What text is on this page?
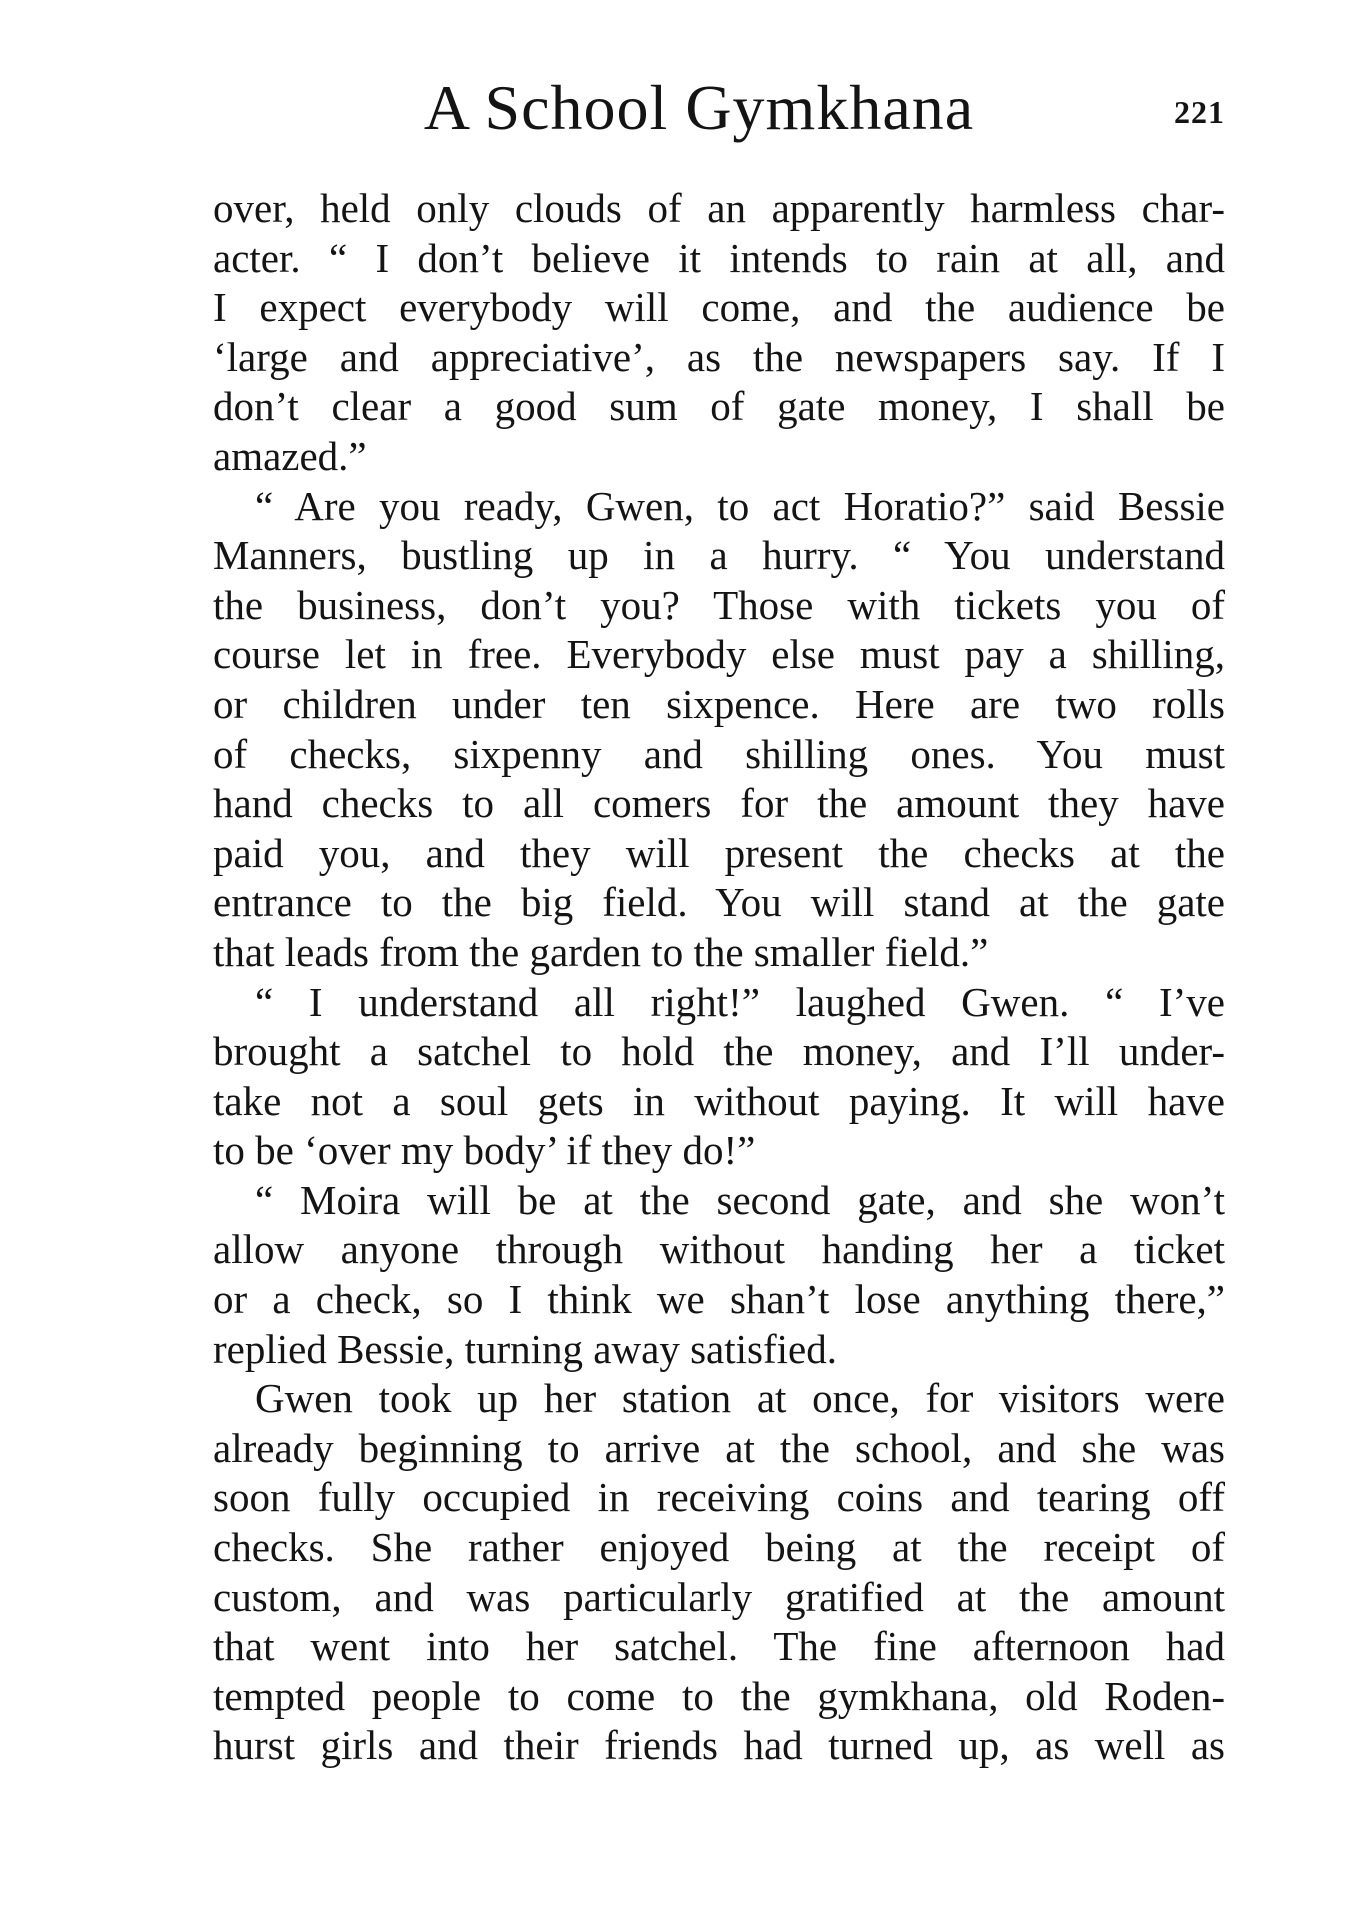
A School Gymkhana	221
over, held only clouds of an apparently harmless char-
acter. “ I don’t believe it intends to rain at all, and
I expect everybody will come, and the audience be
‘large and appreciative’, as the newspapers say. If I
don’t clear a good sum of gate money, I shall be
amazed.”
“ Are you ready, Gwen, to act Horatio?” said Bessie
Manners, bustling up in a hurry. “ You understand
the business, don’t you? Those with tickets you of
course let in free. Everybody else must pay a shilling,
or children under ten sixpence. Here are two rolls
of checks, sixpenny and shilling ones. You must
hand checks to all comers for the amount they have
paid you, and they will present the checks at the
entrance to the big field. You will stand at the gate
that leads from the garden to the smaller field.”
“ I understand all right!” laughed Gwen. “ I’ve
brought a satchel to hold the money, and I’ll under-
take not a soul gets in without paying. It will have
to be ‘over my body’ if they do!”
“ Moira will be at the second gate, and she won’t
allow anyone through without handing her a ticket
or a check, so I think we shan’t lose anything there,”
replied Bessie, turning away satisfied.
Gwen took up her station at once, for visitors were
already beginning to arrive at the school, and she was
soon fully occupied in receiving coins and tearing off
checks. She rather enjoyed being at the receipt of
custom, and was particularly gratified at the amount
that went into her satchel. The fine afternoon had
tempted people to come to the gymkhana, old Roden-
hurst girls and their friends had turned up, as well as
